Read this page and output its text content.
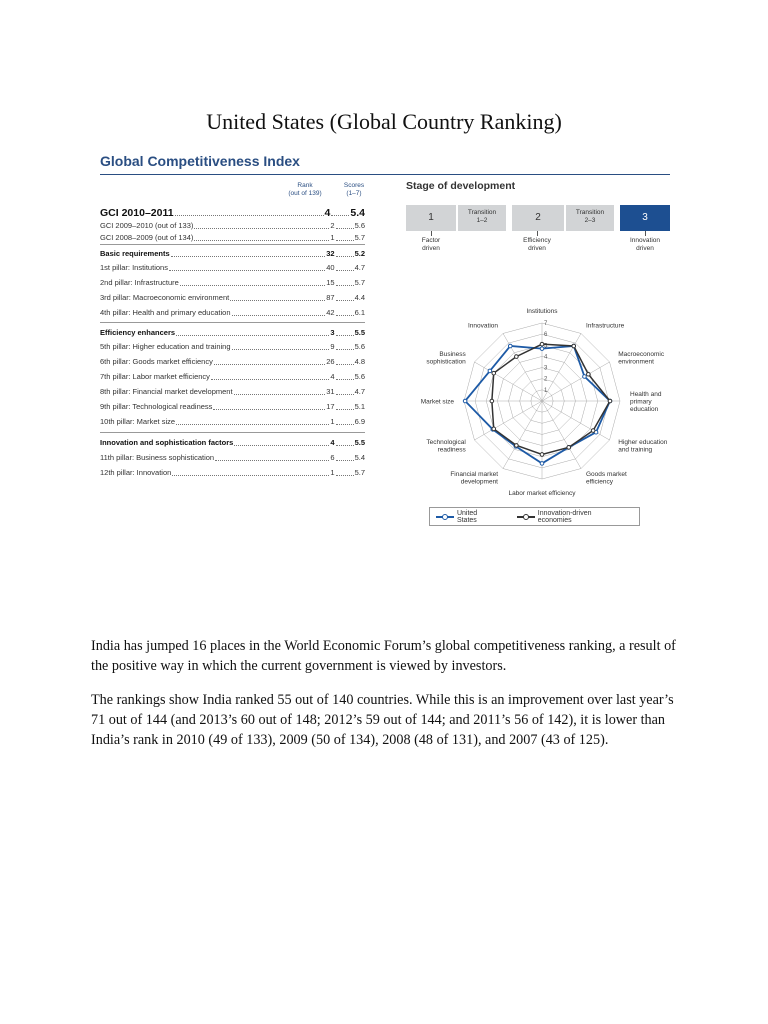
United States (Global Country Ranking)
Global Competitiveness Index
Rank
(out of 139)
Scores
(1–7)
GCI 2010–2011	4 5.4
GCI 2009–2010 (out of 133)	2	5.6
GCI 2008–2009 (out of 134)	1	5.7
Basic requirements	32	5.2
1st pillar: Institutions	40	4.7
2nd pillar: Infrastructure	15	5.7
3rd pillar: Macroeconomic environment	87	4.4
4th pillar: Health and primary education	42	6.1
Efficiency enhancers	3	5.5
5th pillar: Higher education and training	9	5.6
6th pillar: Goods market efficiency	26	4.8
7th pillar: Labor market efficiency	4	5.6
8th pillar: Financial market development	31	4.7
9th pillar: Technological readiness	17	5.1
10th pillar: Market size	1	6.9
Innovation and sophistication factors	4	5.5
11th pillar: Business sophistication	6	5.4
12th pillar: Innovation	1	5.7
Stage of development
1	Transition
1–2	2	Transition
2–3	3
Factor
driven
Efficiency
driven
Innovation
driven
1
2
3
4
5
6
7
Institutions
Infrastructure
Macroeconomic environment
Health and primary education
Higher education and training
Goods market efficiency
Labor market efficiency
Financial market development
Technological readiness
Market size
Business sophistication
Innovation
United States
Innovation-driven economies

India has jumped 16 places in the World Economic Forum’s global competitiveness ranking, a result of the positive way in which the current government is viewed by investors.

The rankings show India ranked 55 out of 140 countries. While this is an improvement over last year’s 71 out of 144 (and 2013’s 60 out of 148; 2012’s 59 out of 144; and 2011’s 56 of 142), it is lower than India’s rank in 2010 (49 of 133), 2009 (50 of 134), 2008 (48 of 131), and 2007 (43 of 125).
